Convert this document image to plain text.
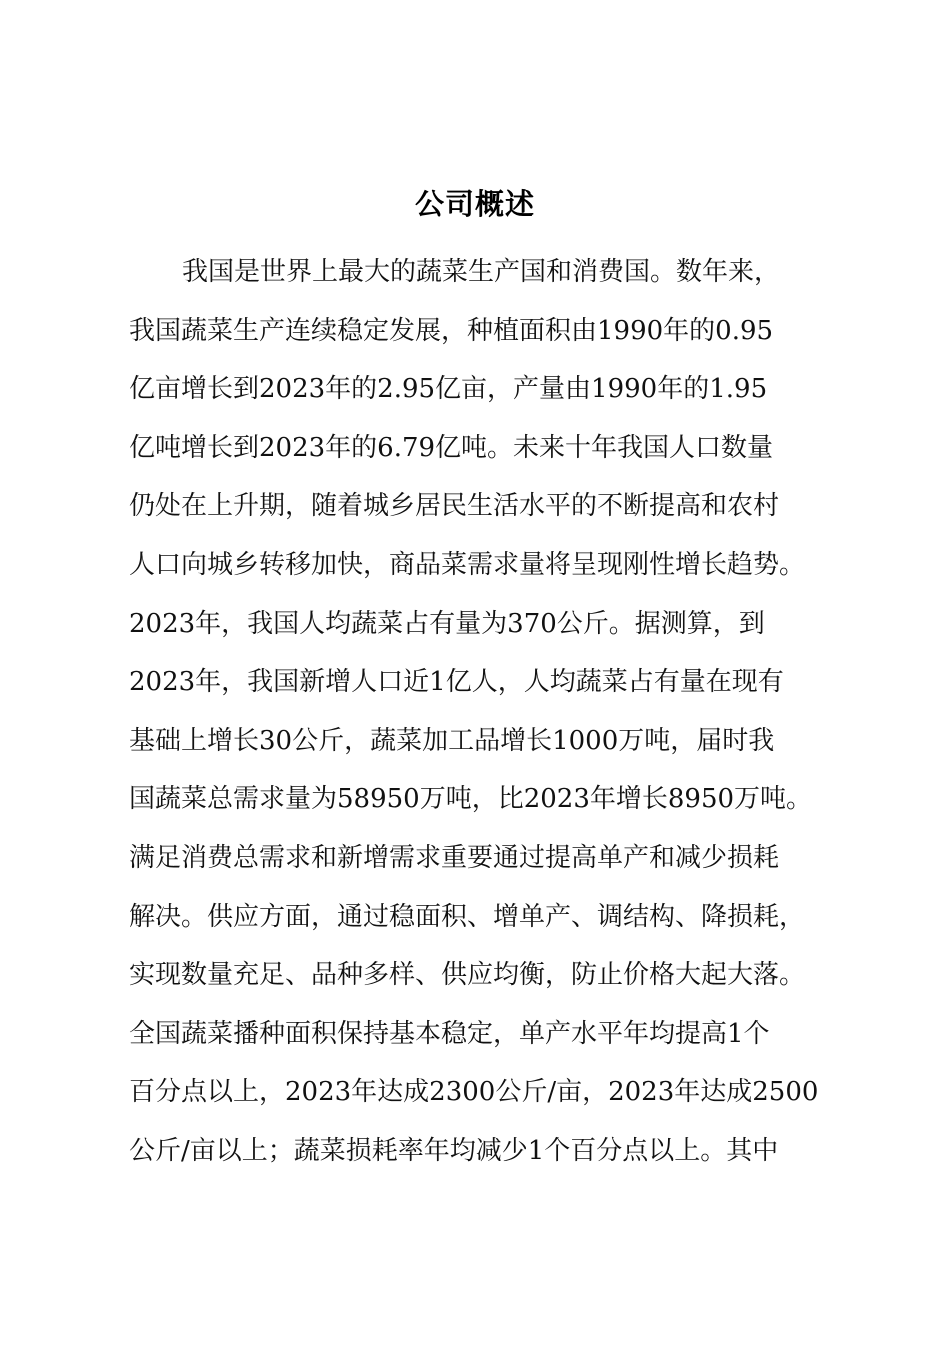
公司概述
我国是世界上最大的蔬菜生产国和消费国。数年来，
我国蔬菜生产连续稳定发展，种植面积由1990年的0.95
亿亩增长到2023年的2.95亿亩，产量由1990年的1.95
亿吨增长到2023年的6.79亿吨。未来十年我国人口数量
仍处在上升期，随着城乡居民生活水平的不断提高和农村
人口向城乡转移加快，商品菜需求量将呈现刚性增长趋势。
2023年，我国人均蔬菜占有量为370公斤。据测算，到
2023年，我国新增人口近1亿人，人均蔬菜占有量在现有
基础上增长30公斤，蔬菜加工品增长1000万吨，届时我
国蔬菜总需求量为58950万吨，比2023年增长8950万吨。
满足消费总需求和新增需求重要通过提高单产和减少损耗
解决。供应方面，通过稳面积、增单产、调结构、降损耗，
实现数量充足、品种多样、供应均衡，防止价格大起大落。
全国蔬菜播种面积保持基本稳定，单产水平年均提高1个
百分点以上，2023年达成2300公斤/亩，2023年达成2500
公斤/亩以上；蔬菜损耗率年均减少1个百分点以上。其中
